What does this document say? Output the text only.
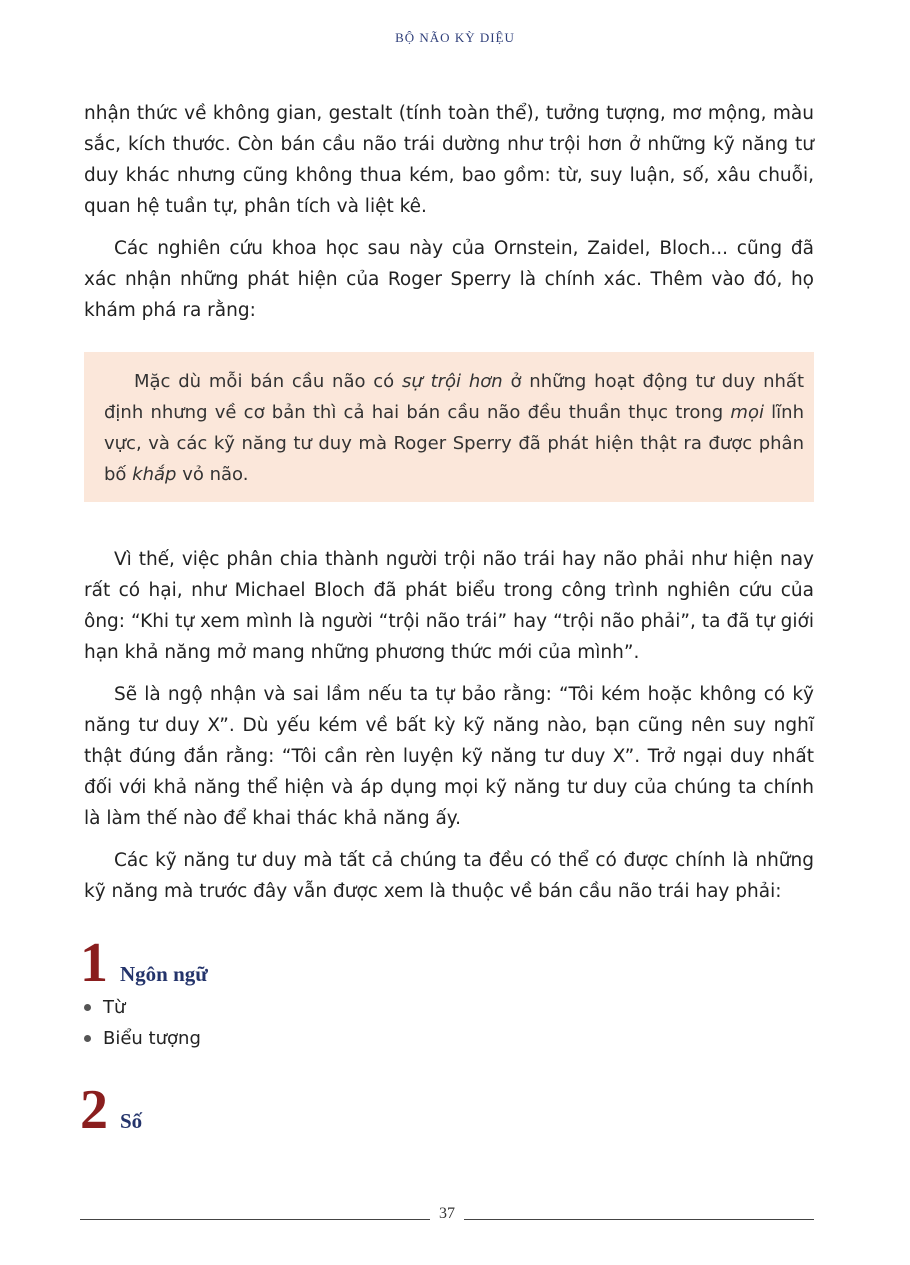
BỘ NÃO KỲ DIỆU
nhận thức về không gian, gestalt (tính toàn thể), tưởng tượng, mơ mộng, màu sắc, kích thước. Còn bán cầu não trái dường như trội hơn ở những kỹ năng tư duy khác nhưng cũng không thua kém, bao gồm: từ, suy luận, số, xâu chuỗi, quan hệ tuần tự, phân tích và liệt kê.
Các nghiên cứu khoa học sau này của Ornstein, Zaidel, Bloch... cũng đã xác nhận những phát hiện của Roger Sperry là chính xác. Thêm vào đó, họ khám phá ra rằng:
Mặc dù mỗi bán cầu não có sự trội hơn ở những hoạt động tư duy nhất định nhưng về cơ bản thì cả hai bán cầu não đều thuần thục trong mọi lĩnh vực, và các kỹ năng tư duy mà Roger Sperry đã phát hiện thật ra được phân bố khắp vỏ não.
Vì thế, việc phân chia thành người trội não trái hay não phải như hiện nay rất có hại, như Michael Bloch đã phát biểu trong công trình nghiên cứu của ông: “Khi tự xem mình là người “trội não trái” hay “trội não phải”, ta đã tự giới hạn khả năng mở mang những phương thức mới của mình”.
Sẽ là ngộ nhận và sai lầm nếu ta tự bảo rằng: “Tôi kém hoặc không có kỹ năng tư duy X”. Dù yếu kém về bất kỳ kỹ năng nào, bạn cũng nên suy nghĩ thật đúng đắn rằng: “Tôi cần rèn luyện kỹ năng tư duy X”. Trở ngại duy nhất đối với khả năng thể hiện và áp dụng mọi kỹ năng tư duy của chúng ta chính là làm thế nào để khai thác khả năng ấy.
Các kỹ năng tư duy mà tất cả chúng ta đều có thể có được chính là những kỹ năng mà trước đây vẫn được xem là thuộc về bán cầu não trái hay phải:
1 Ngôn ngữ
Từ
Biểu tượng
2 Số
37
